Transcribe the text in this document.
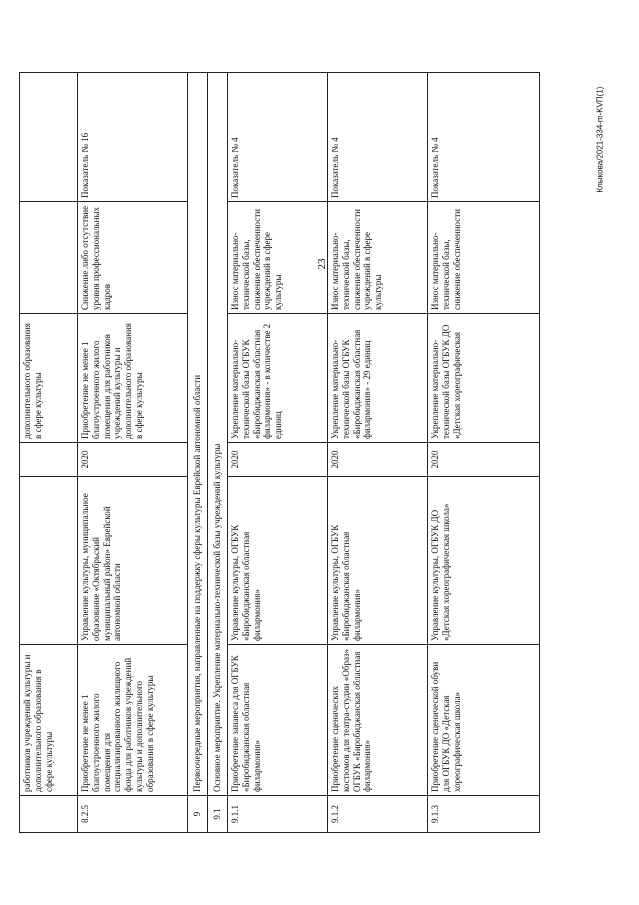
23
Клыкова/2021-334-m-KVП(1)
	работников учреждений культуры и дополнительного образования в сфере культуры			дополнительного образования в сфере культуры		
8.2.5	Приобретение не менее 1 благоустроенного жилого помещения для специализированного жилищного фонда для работников учреждений культуры и дополнительного образования в сфере культуры	Управление культуры, муниципальное образование «Октябрьский муниципальный район» Еврейской автономной области	2020	Приобретение не менее 1 благоустроенного жилого помещения для работников учреждений культуры и дополнительного образования в сфере культуры	Снижение либо отсутствие уровня профессиональных кадров	Показатель № 16
9	Первоочередные мероприятия, направленные на поддержку сферы культуры Еврейской автономной области					
9.1	Основное мероприятие. Укрепление материально-технической базы учреждений культуры					
9.1.1	Приобретение занавеса для ОГБУК «Биробиджанская областная филармония»	Управление культуры, ОГБУК «Биробиджанская областная филармония»	2020	Укрепление материально-технической базы ОГБУК «Биробиджанская областная филармония» - в количестве 2 единиц	Износ материально-технической базы, снижение обеспеченности учреждений в сфере культуры	Показатель № 4
9.1.2	Приобретение сценических костюмов для театра-студии «Образ» ОГБУК «Биробиджанская областная филармония»	Управление культуры, ОГБУК «Биробиджанская областная филармония»	2020	Укрепление материально-технической базы ОГБУК «Биробиджанская областная филармония» - 29 единиц	Износ материально-технической базы, снижение обеспеченности учреждений в сфере культуры	Показатель № 4
9.1.3	Приобретение сценической обуви для ОГБУК ДО «Детская хореографическая школа»	Управление культуры, ОГБУК ДО «Детская хореографическая школа»	2020	Укрепление материально-технической базы ОГБУК ДО «Детская хореографическая	Износ материально-технической базы, снижение обеспеченности	Показатель № 4
